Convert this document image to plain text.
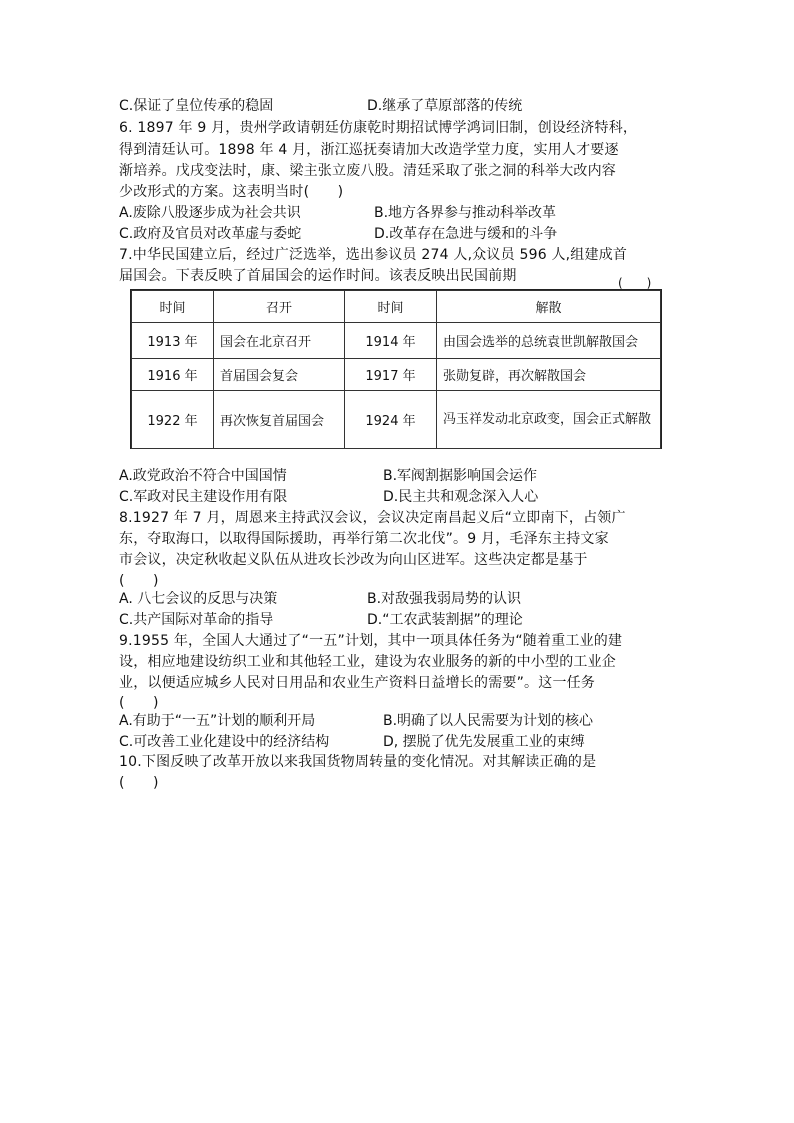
C.保证了皇位传承的稳固	D.继承了草原部落的传统
6. 1897 年 9 月，贵州学政请朝廷仿康乾时期招试博学鸿词旧制，创设经济特科，
得到清廷认可。1898 年 4 月，浙江巡抚奏请加大改造学堂力度，实用人才要逐
渐培养。戊戌变法时，康、梁主张立废八股。清廷采取了张之洞的科举大改内容
少改形式的方案。这表明当时(　　)
A.废除八股逐步成为社会共识	B.地方各界参与推动科举改革
C.政府及官员对改革虚与委蛇	D.改革存在急进与缓和的斗争
7.中华民国建立后，经过广泛选举，选出参议员 274 人,众议员 596 人,组建成首
届国会。下表反映了首届国会的运作时间。该表反映出民国前期	(　　)
时间	召开	时间	解散
1913 年	国会在北京召开	1914 年	由国会选举的总统袁世凯解散国会
1916 年	首届国会复会	1917 年	张勋复辟，再次解散国会
1922 年	再次恢复首届国会	1924 年	冯玉祥发动北京政变，国会正式解散
A.政党政治不符合中国国情	B.军阀割据影响国会运作
C.军政对民主建设作用有限	D.民主共和观念深入人心
8.1927 年 7 月，周恩来主持武汉会议，会议决定南昌起义后“立即南下，占领广
东，夺取海口，以取得国际援助，再举行第二次北伐”。9 月，毛泽东主持文家
市会议，决定秋收起义队伍从进攻长沙改为向山区进军。这些决定都是基于
(　　)
A. 八七会议的反思与决策	B.对敌强我弱局势的认识
C.共产国际对革命的指导	D.“工农武装割据”的理论
9.1955 年，全国人大通过了“一五”计划，其中一项具体任务为“随着重工业的建
设，相应地建设纺织工业和其他轻工业，建设为农业服务的新的中小型的工业企
业，以便适应城乡人民对日用品和农业生产资料日益增长的需要”。这一任务
(　　)
A.有助于“一五”计划的顺利开局	B.明确了以人民需要为计划的核心
C.可改善工业化建设中的经济结构	D, 摆脱了优先发展重工业的束缚
10.下图反映了改革开放以来我国货物周转量的变化情况。对其解读正确的是
(　　)
